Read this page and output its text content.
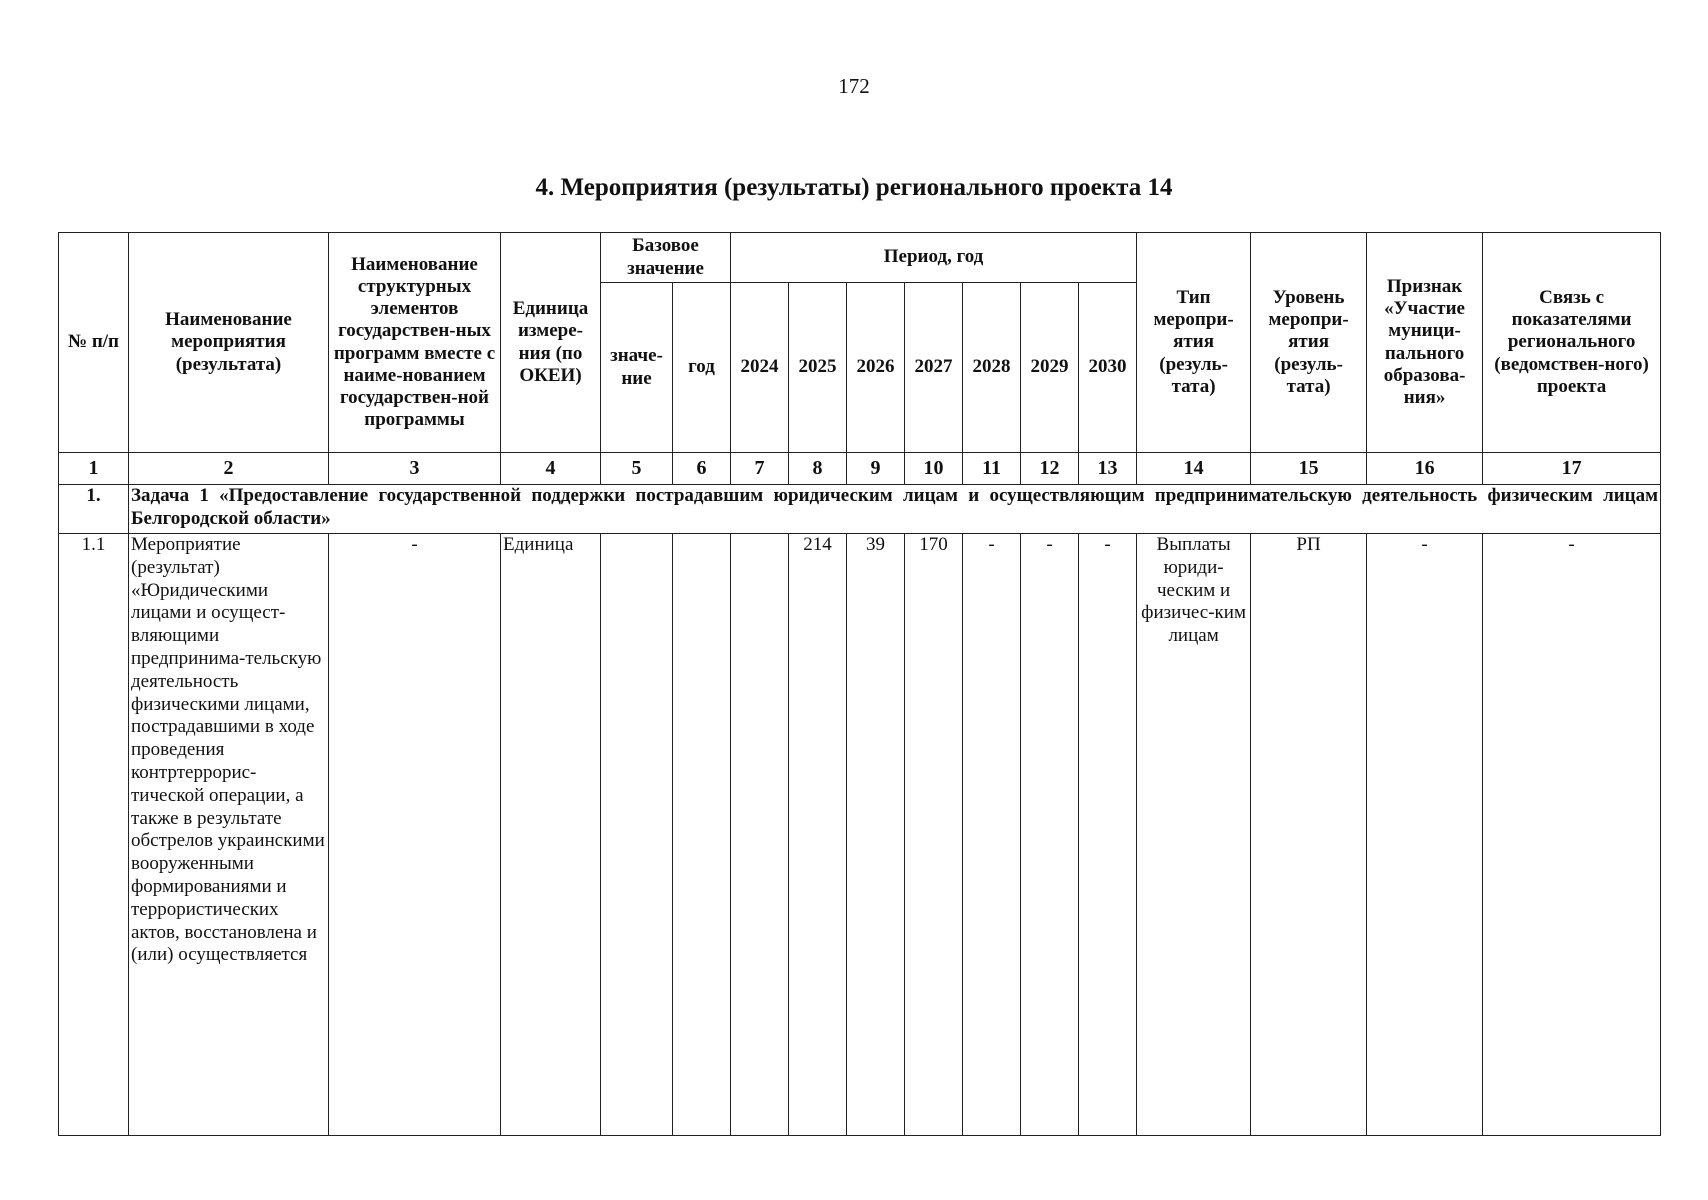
172
4. Мероприятия (результаты) регионального проекта 14
№ п/п	Наименование мероприятия (результата)	Наименование структурных элементов государствен-ных программ вместе с наиме-нованием государствен-ной программы	Единица измере-ния (по ОКЕИ)	Базовое значение		Период, год							Тип меропри-ятия (резуль-тата)	Уровень меропри-ятия (резуль-тата)	Признак «Участие муници-пального образова-ния»	Связь с показателями регионального (ведомствен-ного) проекта
				значе-ние	год	2024	2025	2026	2027	2028	2029	2030				
1	2	3	4	5	6	7	8	9	10	11	12	13	14	15	16	17
1.	Задача 1 «Предоставление государственной поддержки пострадавшим юридическим лицам и осуществляющим предпринимательскую деятельность физическим лицам Белгородской области»															
1.1	Мероприятие (результат) «Юридическими лицами и осущест-вляющими предпринима-тельскую деятельность физическими лицами, пострадавшими в ходе проведения контртеррорис-тической операции, а также в результате обстрелов украинскими вооруженными формированиями и террористических актов, восстановлена и (или) осуществляется	-	Единица				214	39	170	-	-	-	Выплаты юриди-ческим и физичес-ким лицам	РП	-	-
